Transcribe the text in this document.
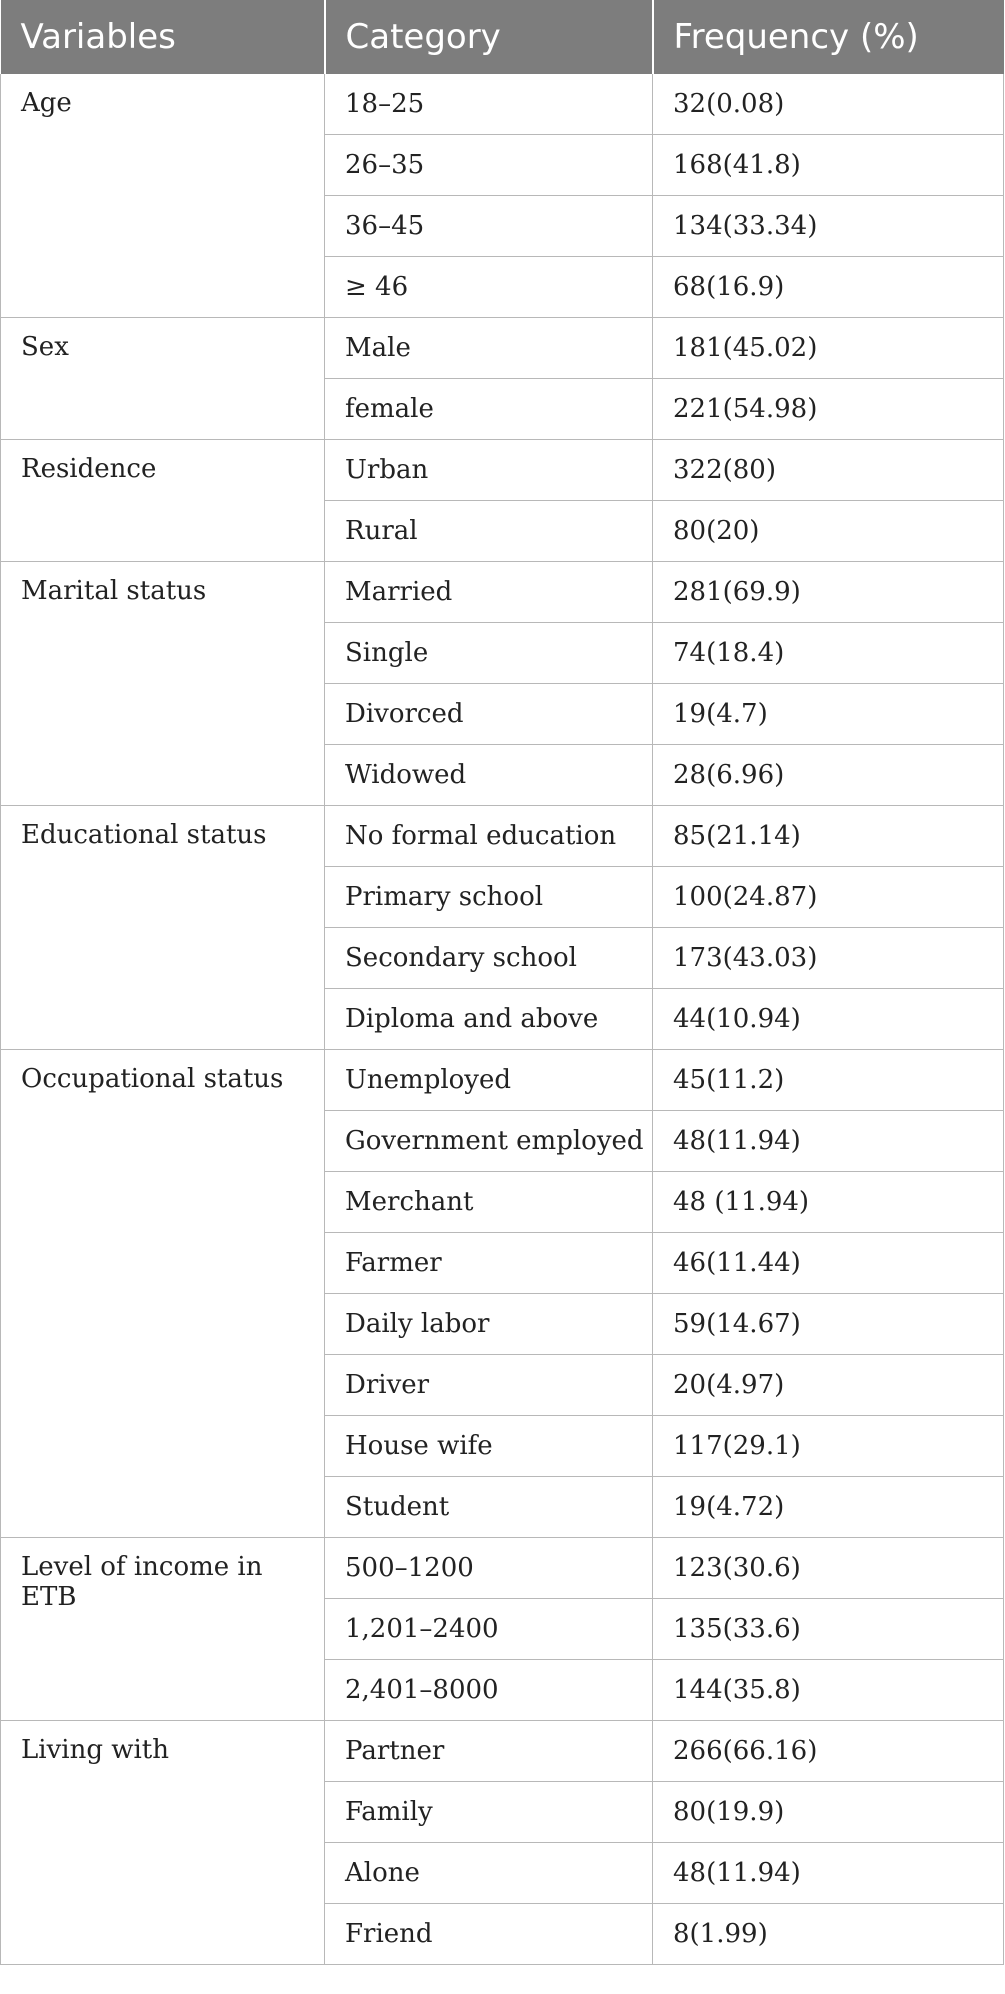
Variables	Category	Frequency (%)
Age	18–25	32(0.08)
	26–35	168(41.8)
	36–45	134(33.34)
	≥ 46	68(16.9)
Sex	Male	181(45.02)
	female	221(54.98)
Residence	Urban	322(80)
	Rural	80(20)
Marital status	Married	281(69.9)
	Single	74(18.4)
	Divorced	19(4.7)
	Widowed	28(6.96)
Educational status	No formal education	85(21.14)
	Primary school	100(24.87)
	Secondary school	173(43.03)
	Diploma and above	44(10.94)
Occupational status	Unemployed	45(11.2)
	Government employed	48(11.94)
	Merchant	48 (11.94)
	Farmer	46(11.44)
	Daily labor	59(14.67)
	Driver	20(4.97)
	House wife	117(29.1)
	Student	19(4.72)
Level of income in ETB	500–1200	123(30.6)
	1,201–2400	135(33.6)
	2,401–8000	144(35.8)
Living with	Partner	266(66.16)
	Family	80(19.9)
	Alone	48(11.94)
	Friend	8(1.99)
